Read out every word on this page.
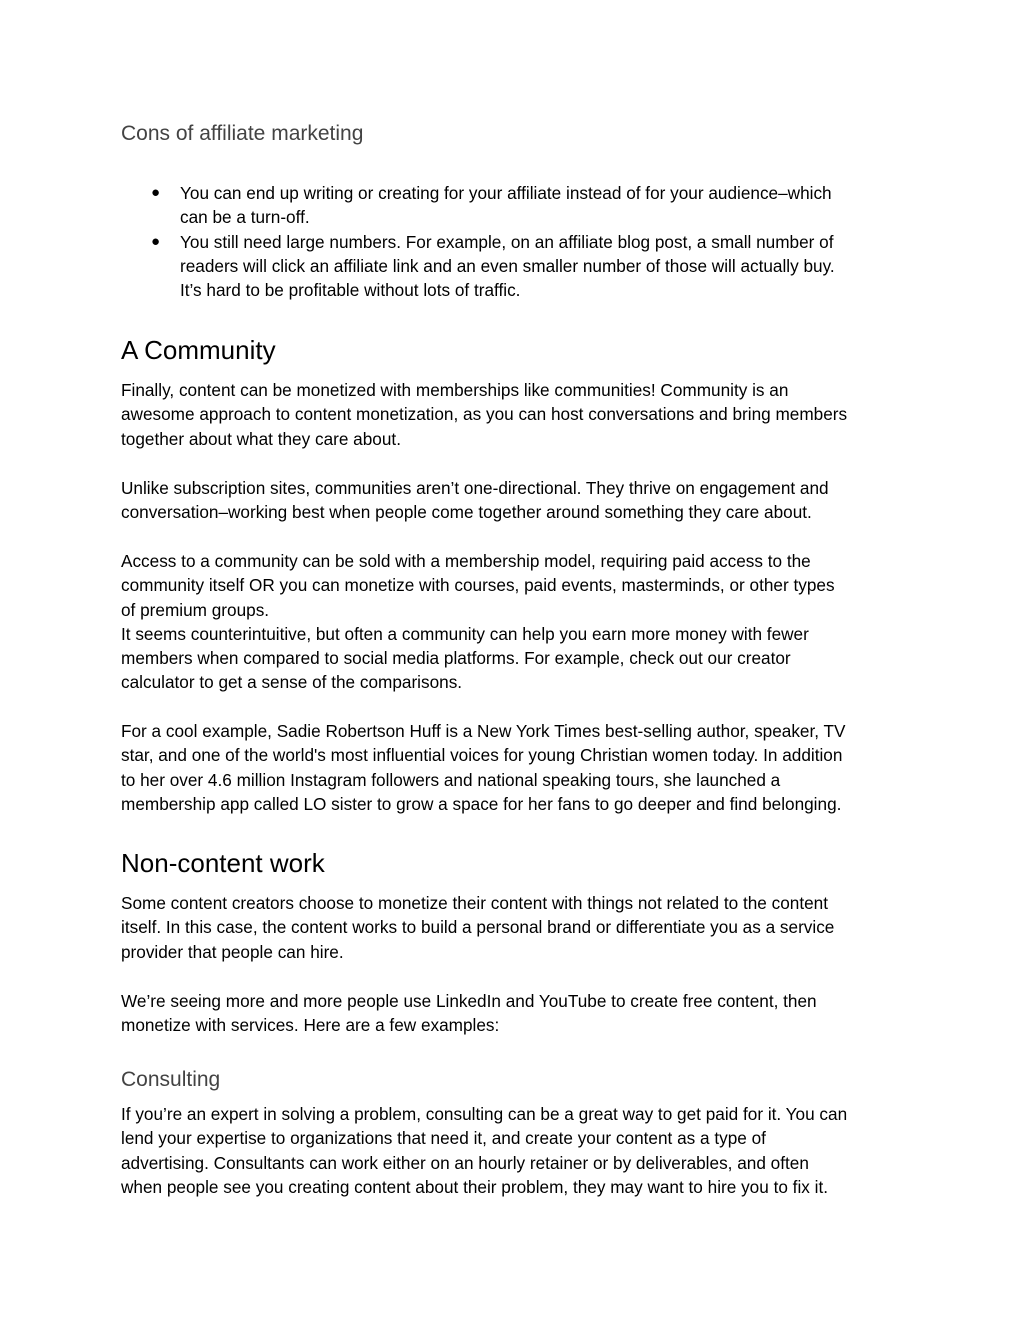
Cons of affiliate marketing
● You can end up writing or creating for your affiliate instead of for your audience–which
can be a turn-off.
● You still need large numbers. For example, on an affiliate blog post, a small number of
readers will click an affiliate link and an even smaller number of those will actually buy.
It’s hard to be profitable without lots of traffic.
A Community

Finally, content can be monetized with memberships like communities! Community is an
awesome approach to content monetization, as you can host conversations and bring members
together about what they care about.

Unlike subscription sites, communities aren’t one-directional. They thrive on engagement and
conversation–working best when people come together around something they care about.

Access to a community can be sold with a membership model, requiring paid access to the
community itself OR you can monetize with courses, paid events, masterminds, or other types
of premium groups.
It seems counterintuitive, but often a community can help you earn more money with fewer
members when compared to social media platforms. For example, check out our creator
calculator to get a sense of the comparisons.

For a cool example, Sadie Robertson Huff is a New York Times best-selling author, speaker, TV
star, and one of the world's most influential voices for young Christian women today. In addition
to her over 4.6 million Instagram followers and national speaking tours, she launched a
membership app called LO sister to grow a space for her fans to go deeper and find belonging.

Non-content work

Some content creators choose to monetize their content with things not related to the content
itself. In this case, the content works to build a personal brand or differentiate you as a service
provider that people can hire.

We’re seeing more and more people use LinkedIn and YouTube to create free content, then
monetize with services. Here are a few examples:

Consulting

If you’re an expert in solving a problem, consulting can be a great way to get paid for it. You can
lend your expertise to organizations that need it, and create your content as a type of
advertising. Consultants can work either on an hourly retainer or by deliverables, and often
when people see you creating content about their problem, they may want to hire you to fix it.
